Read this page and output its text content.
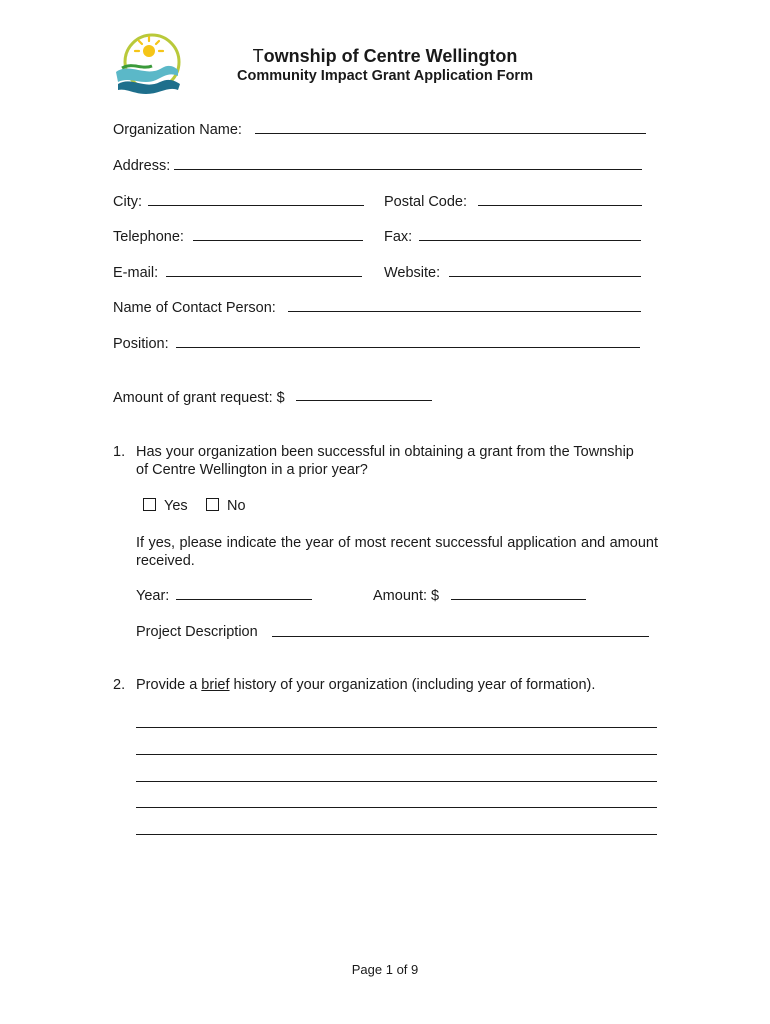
Township of Centre Wellington
Community Impact Grant Application Form
Organization Name:
Address:
City:	Postal Code:
Telephone:	Fax:
E-mail:	Website:
Name of Contact Person:
Position:
Amount of grant request: $
1. Has your organization been successful in obtaining a grant from the Township
of Centre Wellington in a prior year?
Yes	No
If yes, please indicate the year of most recent successful application and amount received.
Year:	Amount: $
Project Description
2. Provide a brief history of your organization (including year of formation).
Page 1 of 9
